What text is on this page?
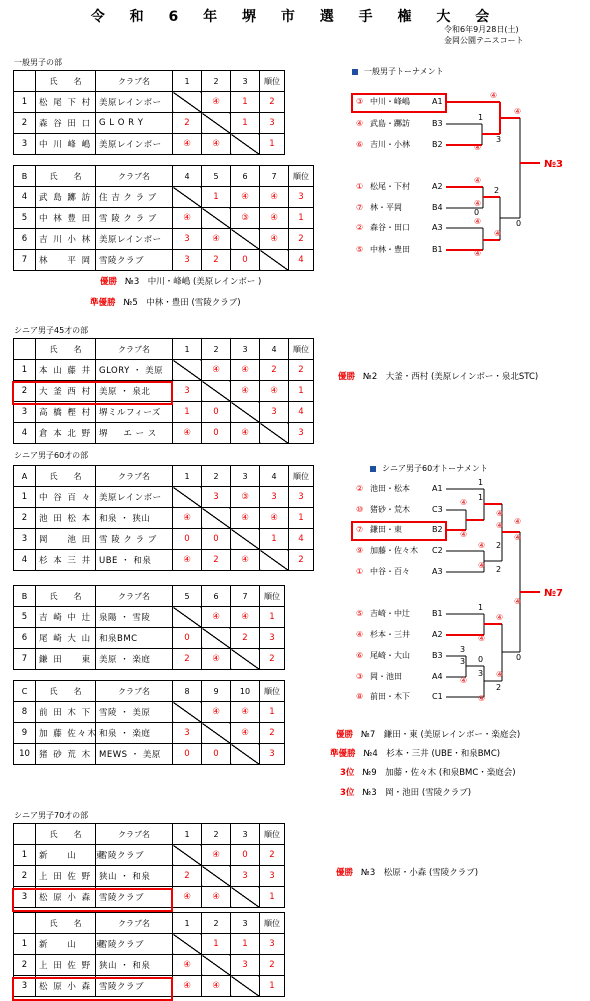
令 和 6 年 堺 市 選 手 権 大 会
令和6年9月28日(土)
金岡公園テニスコート
一般男子の部
	氏　　名	クラブ名	1	2	3	順位
1	松 尾 下 村	美原レインボー		④	1	2
2	森 谷 田 口	G L O R Y	2		1	3
3	中 川 峰 嶋	美原レインボー	④	④		1
B	氏　　名	クラブ名	4	5	6	7	順位
4	武 島 躑 訪	住 吉 ク ラ ブ		1	④	④	3
5	中 林 豊 田	雪 陵 ク ラ ブ	④		③	④	1
6	吉 川 小 林	美原レインボー	3	④		④	2
7	林 　 平 岡	雪陵クラブ	3	2	0		4
優勝 №3　中川・峰嶋 (美原レインボー )
準優勝 №5　中林・豊田 (雪陵クラブ)
シニア男子45才の部
	氏　　名	クラブ名	1	2	3	4	順位
1	本 山 藤 井	GLORY ・ 美原		④	④	2	2
2	大 釜 西 村	美原 ・ 泉北	3		④	④	1
3	高 橋 樫 村	堺ミルフィーズ	1	0		3	4
4	倉 本 北 野	堺 　 エ ー ス	④	0	④		3
優勝 №2　大釜・西村 (美原レインボー・泉北STC)
シニア男子60才の部
A	氏　　名	クラブ名	1	2	3	4	順位
1	中 谷 百 々	美原レインボー		3	③	3	3
2	池 田 松 本	和泉 ・ 狭山	④		④	④	1
3	岡 　 池 田	雪 陵 ク ラ ブ	0	0		1	4
4	杉 本 三 井	UBE ・ 和泉	④	2	④		2
B	氏　　名	クラブ名	5	6	7	順位
5	吉 崎 中 辻	泉陽 ・ 雪陵		④	④	1
6	尾 崎 大 山	和泉BMC	0		2	3
7	鎌 田 　 東	美原 ・ 楽庭	2	④		2
C	氏　　名	クラブ名	8	9	10	順位
8	前 田 木 下	雪陵 ・ 美原		④	④	1
9	加 藤 佐々木	和泉 ・ 楽庭	3		④	2
10	猪 砂 荒 木	MEWS ・ 美原	0	0		3
優勝 №7　鎌田・東 (美原レインボー・楽庭会)
準優勝 №4　杉本・三井 (UBE・和泉BMC)
3位 №9　加藤・佐々木 (和泉BMC・楽庭会)
3位 №3　岡・池田 (雪陵クラブ)
シニア男子70才の部
	氏　　名	クラブ名	1	2	3	順位
1	新 　 山 　 東	雪陵クラブ		④	0	2
2	上 田 佐 野	狭山 ・ 和泉	2		3	3
3	松 原 小 森	雪陵クラブ	④	④		1
	氏　　名	クラブ名	1	2	3	順位
1	新 　 山 　 東	雪陵クラブ		1	1	3
2	上 田 佐 野	狭山 ・ 和泉	④		3	2
3	松 原 小 森	雪陵クラブ	④	④		1
優勝 №3　松原・小森 (雪陵クラブ)
一般男子トーナメント
③ 中川・峰嶋	A1
④ 武島・躑訪	B3
⑥ 吉川・小林	B2
① 松尾・下村	A2
⑦ 林・平岡	B4
② 森谷・田口	A3
⑤ 中林・豊田	B1
④
1
④
3
④
④
④
0
2
④
④
0
④
№3
シニア男子60才トーナメント
② 池田・松本	A1
⑩ 猪砂・荒木	C3
⑦ 鎌田・東	B2
⑨ 加藤・佐々木 C2
① 中谷・百々	A3
⑤ 吉崎・中辻	B1
④ 杉本・三井	A2
⑥ 尾崎・大山	B3
③ 岡・池田	A4
⑧ 前田・木下	C1
1
④
④
1
④
④
④
④
2
2
④
1
④
④
3
④
3 0
④
④
④
2
0
④
3
№7
